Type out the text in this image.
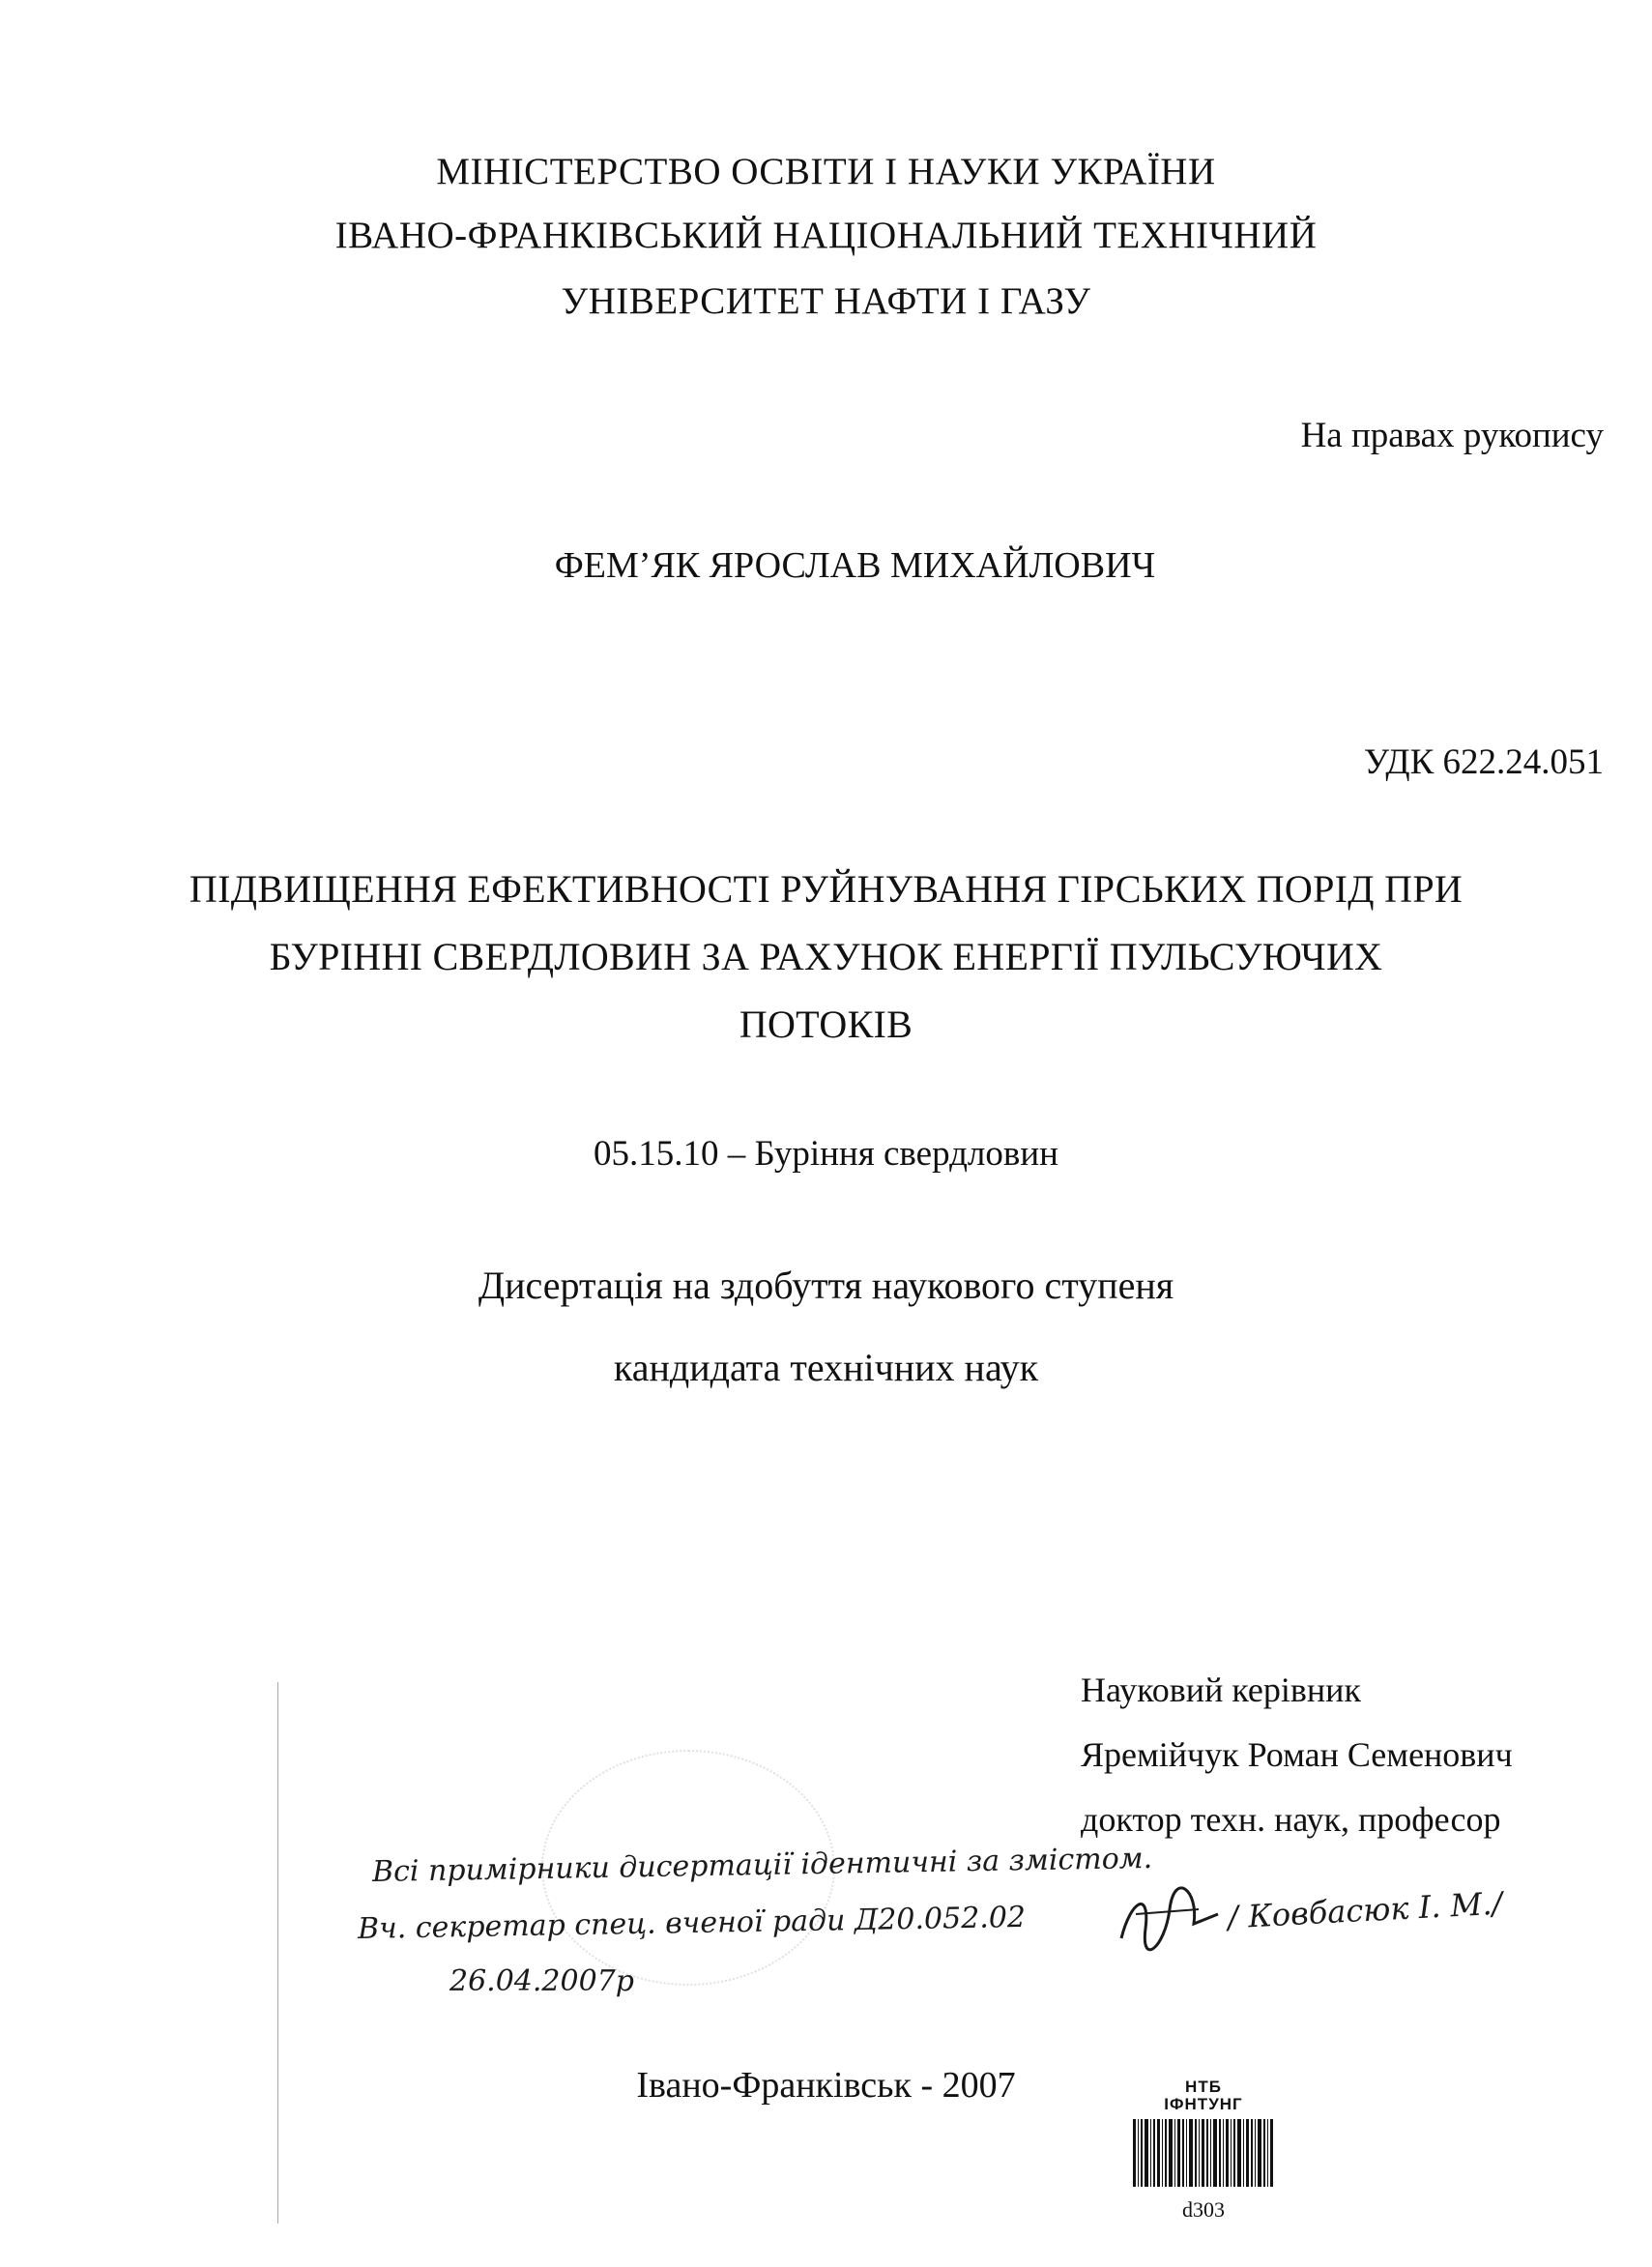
МІНІСТЕРСТВО ОСВІТИ І НАУКИ УКРАЇНИ
ІВАНО-ФРАНКІВСЬКИЙ НАЦІОНАЛЬНИЙ ТЕХНІЧНИЙ
УНІВЕРСИТЕТ НАФТИ І ГАЗУ
На правах рукопису
ФЕМ’ЯК ЯРОСЛАВ МИХАЙЛОВИЧ
УДК 622.24.051
ПІДВИЩЕННЯ ЕФЕКТИВНОСТІ РУЙНУВАННЯ ГІРСЬКИХ ПОРІД ПРИ
БУРІННІ СВЕРДЛОВИН ЗА РАХУНОК ЕНЕРГІЇ ПУЛЬСУЮЧИХ
ПОТОКІВ
05.15.10 – Буріння свердловин
Дисертація на здобуття наукового ступеня
кандидата технічних наук
Науковий керівник
Яремійчук Роман Семенович
доктор техн. наук, професор
Всі примірники дисертації ідентичні за змістом.
Вч. секретар спец. вченої ради Д20.052.02	/ Ковбасюк І. М./
26.04.2007р
Івано-Франківськ - 2007	НТБ
ІФНТУНГ
d303
